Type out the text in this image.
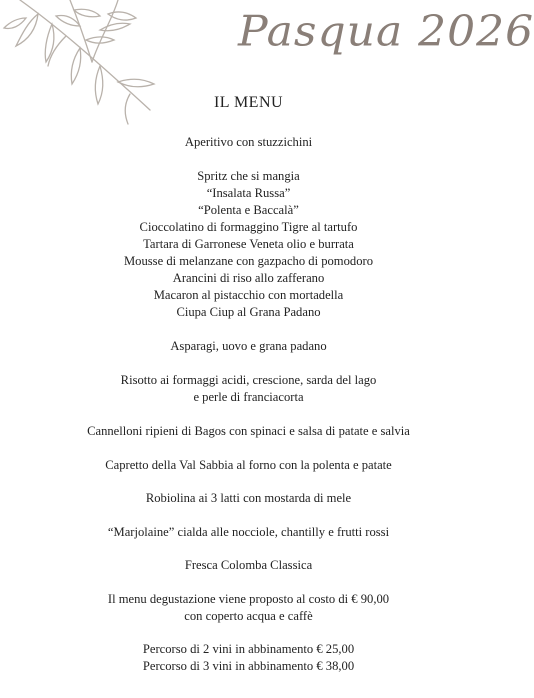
Pasqua 2026
IL MENU
Aperitivo con stuzzichini
Spritz che si mangia
“Insalata Russa”
“Polenta e Baccalà”
Cioccolatino di formaggino Tigre al tartufo
Tartara di Garronese Veneta olio e burrata
Mousse di melanzane con gazpacho di pomodoro
Arancini di riso allo zafferano
Macaron al pistacchio con mortadella
Ciupa Ciup al Grana Padano
Asparagi, uovo e grana padano
Risotto ai formaggi acidi, crescione, sarda del lago
e perle di franciacorta
Cannelloni ripieni di Bagos con spinaci e salsa di patate e salvia
Capretto della Val Sabbia al forno con la polenta e patate
Robiolina ai 3 latti con mostarda di mele
“Marjolaine” cialda alle nocciole, chantilly e frutti rossi
Fresca Colomba Classica
Il menu degustazione viene proposto al costo di € 90,00
con coperto acqua e caffè
Percorso di 2 vini in abbinamento € 25,00
Percorso di 3 vini in abbinamento € 38,00
